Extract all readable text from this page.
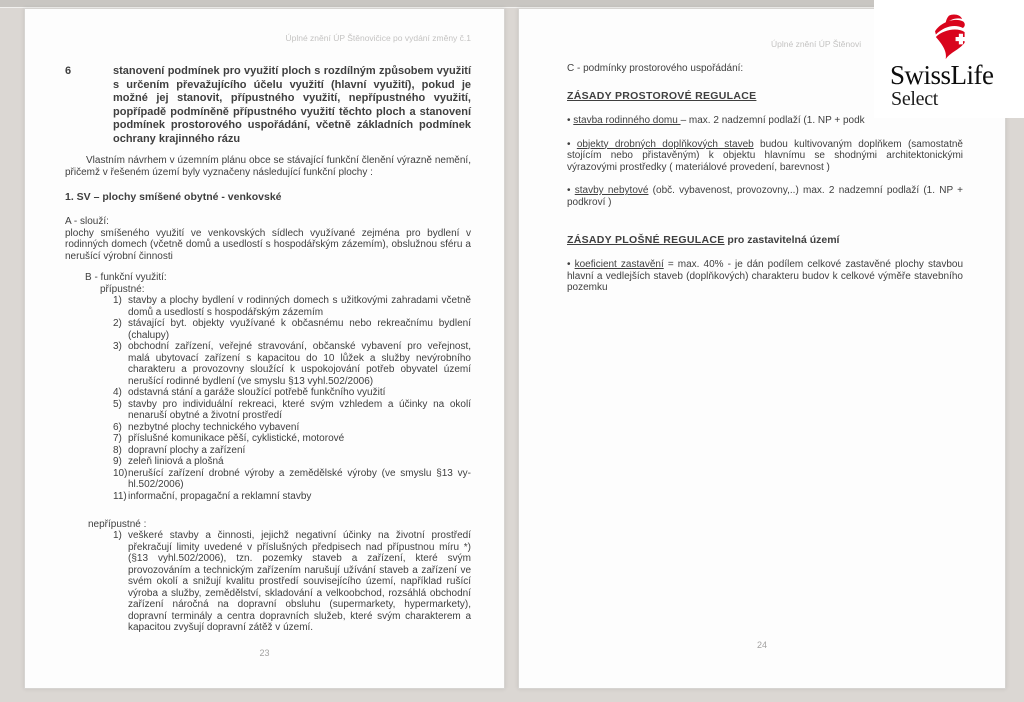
Úplné znění ÚP Štěnovičice po vydání změny č.1
6	stanovení podmínek pro využití ploch s rozdílným způsobem využití s určením převažujícího účelu využití (hlavní využití), pokud je možné jej stanovit, přípustného využití, nepřípustného využití, popřípadě podmíněně přípustného využití těchto ploch a stanovení podmínek prostorového uspořádání, včetně základních podmínek ochrany krajinného rázu

Vlastním návrhem v územním plánu obce se stávající funkční členění výrazně nemění, přičemž v řešeném území byly vyznačeny následující funkční plochy :

1. SV – plochy smíšené obytné - venkovské
A - slouží:
plochy smíšeného využití ve venkovských sídlech využívané zejména pro bydlení v rodinných domech (včetně domů a usedlostí s hospodářským zázemím), obslužnou sféru a nerušící výrobní činnosti
B - funkční využití:
přípustné:
1) stavby a plochy bydlení v rodinných domech s užitkovými zahradami včetně domů a usedlostí s hospodářským zázemím
2) stávající byt. objekty využívané k občasnému nebo rekreačnímu bydlení (chalupy)
3) obchodní zařízení, veřejné stravování, občanské vybavení pro veřejnost, malá ubytovací zařízení s kapacitou do 10 lůžek a služby nevýrobního charakteru a provozovny sloužící k uspokojování potřeb obyvatel území nerušící rodinné bydlení (ve smyslu §13 vyhl.502/2006)
4) odstavná stání a garáže sloužící potřebě funkčního využití
5) stavby pro individuální rekreaci, které svým vzhledem a účinky na okolí nenaruší obytné a životní prostředí
6) nezbytné plochy technického vybavení
7) příslušné komunikace pěší, cyklistické, motorové
8) dopravní plochy a zařízení
9) zeleň liniová a plošná
10) nerušící zařízení drobné výroby a zemědělské výroby (ve smyslu §13 vy-hl.502/2006)
11) informační, propagační a reklamní stavby
nepřípustné :
1) veškeré stavby a činnosti, jejichž negativní účinky na životní prostředí překračují limity uvedené v příslušných předpisech nad přípustnou míru *) (§13 vyhl.502/2006), tzn. pozemky staveb a zařízení, které svým provozováním a technickým zařízením narušují užívání staveb a zařízení ve svém okolí a snižují kvalitu prostředí souvisejícího území, například rušící výroba a služby, zemědělství, skladování a velkoobchod, rozsáhlá obchodní zařízení náročná na dopravní obsluhu (supermarkety, hypermarkety), dopravní terminály a centra dopravních služeb, které svým charakterem a kapacitou zvyšují dopravní zátěž v území.
23
Úplné znění ÚP Štěnovi
C - podmínky prostorového uspořádání:
ZÁSADY PROSTOROVÉ REGULACE

• stavba rodinného domu – max. 2 nadzemní podlaží (1. NP + podk

• objekty drobných doplňkových staveb budou kultivovaným doplňkem (samostatně stojícím nebo přistavěným) k objektu hlavnímu se shodnými architektonickými výrazovými prostředky ( materiálové provedení, barevnost )

• stavby nebytové (obč. vybavenost, provozovny,..) max. 2 nadzemní podlaží (1. NP + podkroví )

ZÁSADY PLOŠNÉ REGULACE pro zastavitelná území

• koeficient zastavění = max. 40% - je dán podílem celkové zastavěné plochy stavbou hlavní a vedlejších staveb (doplňkových) charakteru budov k celkové výměře stavebního pozemku

24
SwissLife
Select
